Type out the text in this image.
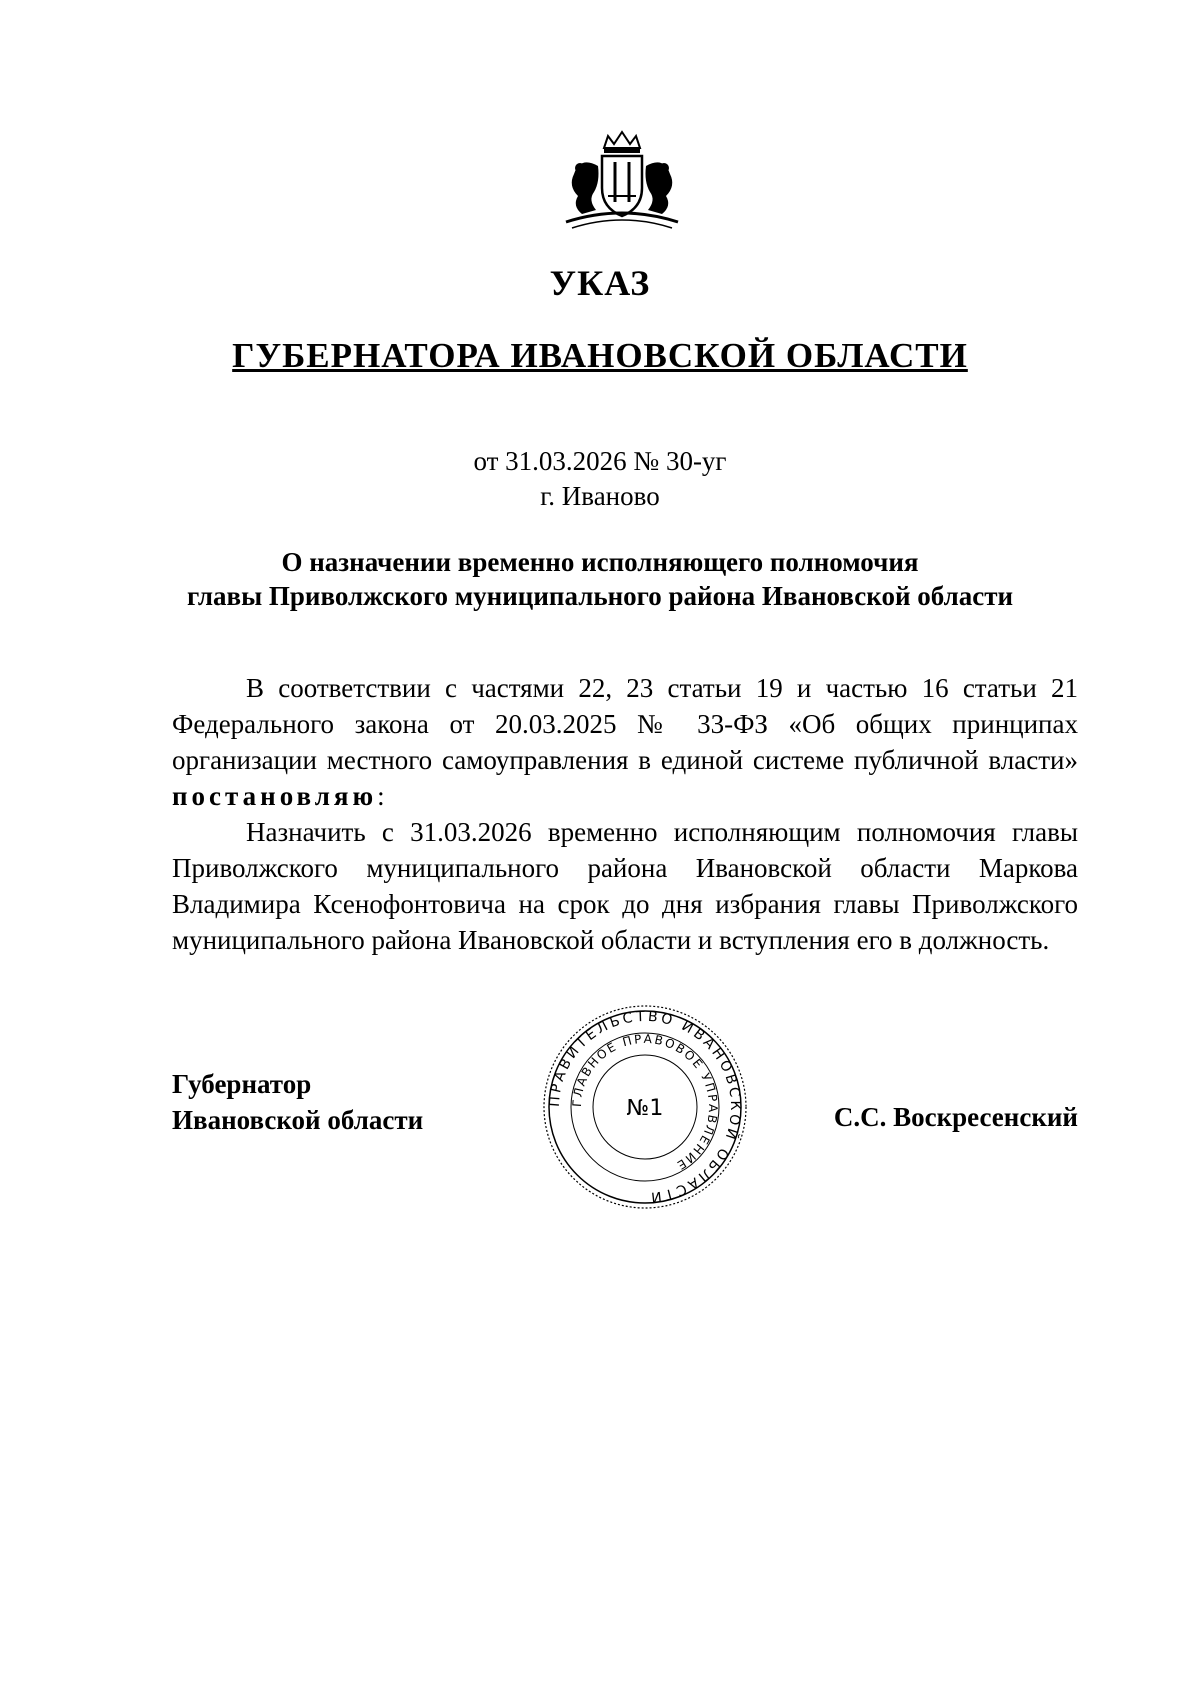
УКАЗ
ГУБЕРНАТОРА ИВАНОВСКОЙ ОБЛАСТИ
от 31.03.2026 № 30-уг
г. Иваново
О назначении временно исполняющего полномочия
главы Приволжского муниципального района Ивановской области

В соответствии с частями 22, 23 статьи 19 и частью 16 статьи 21 Федерального закона от 20.03.2025 № 33-ФЗ «Об общих принципах организации местного самоуправления в единой системе публичной власти» постановляю:

Назначить с 31.03.2026 временно исполняющим полномочия главы Приволжского муниципального района Ивановской области Маркова Владимира Ксенофонтовича на срок до дня избрания главы Приволжского муниципального района Ивановской области и вступления его в должность.

Губернатор
Ивановской области
ПРАВИТЕЛЬСТВО ИВАНОВСКОЙ ОБЛАСТИ
ГЛАВНОЕ ПРАВОВОЕ УПРАВЛЕНИЕ
№1	С.С. Воскресенский
